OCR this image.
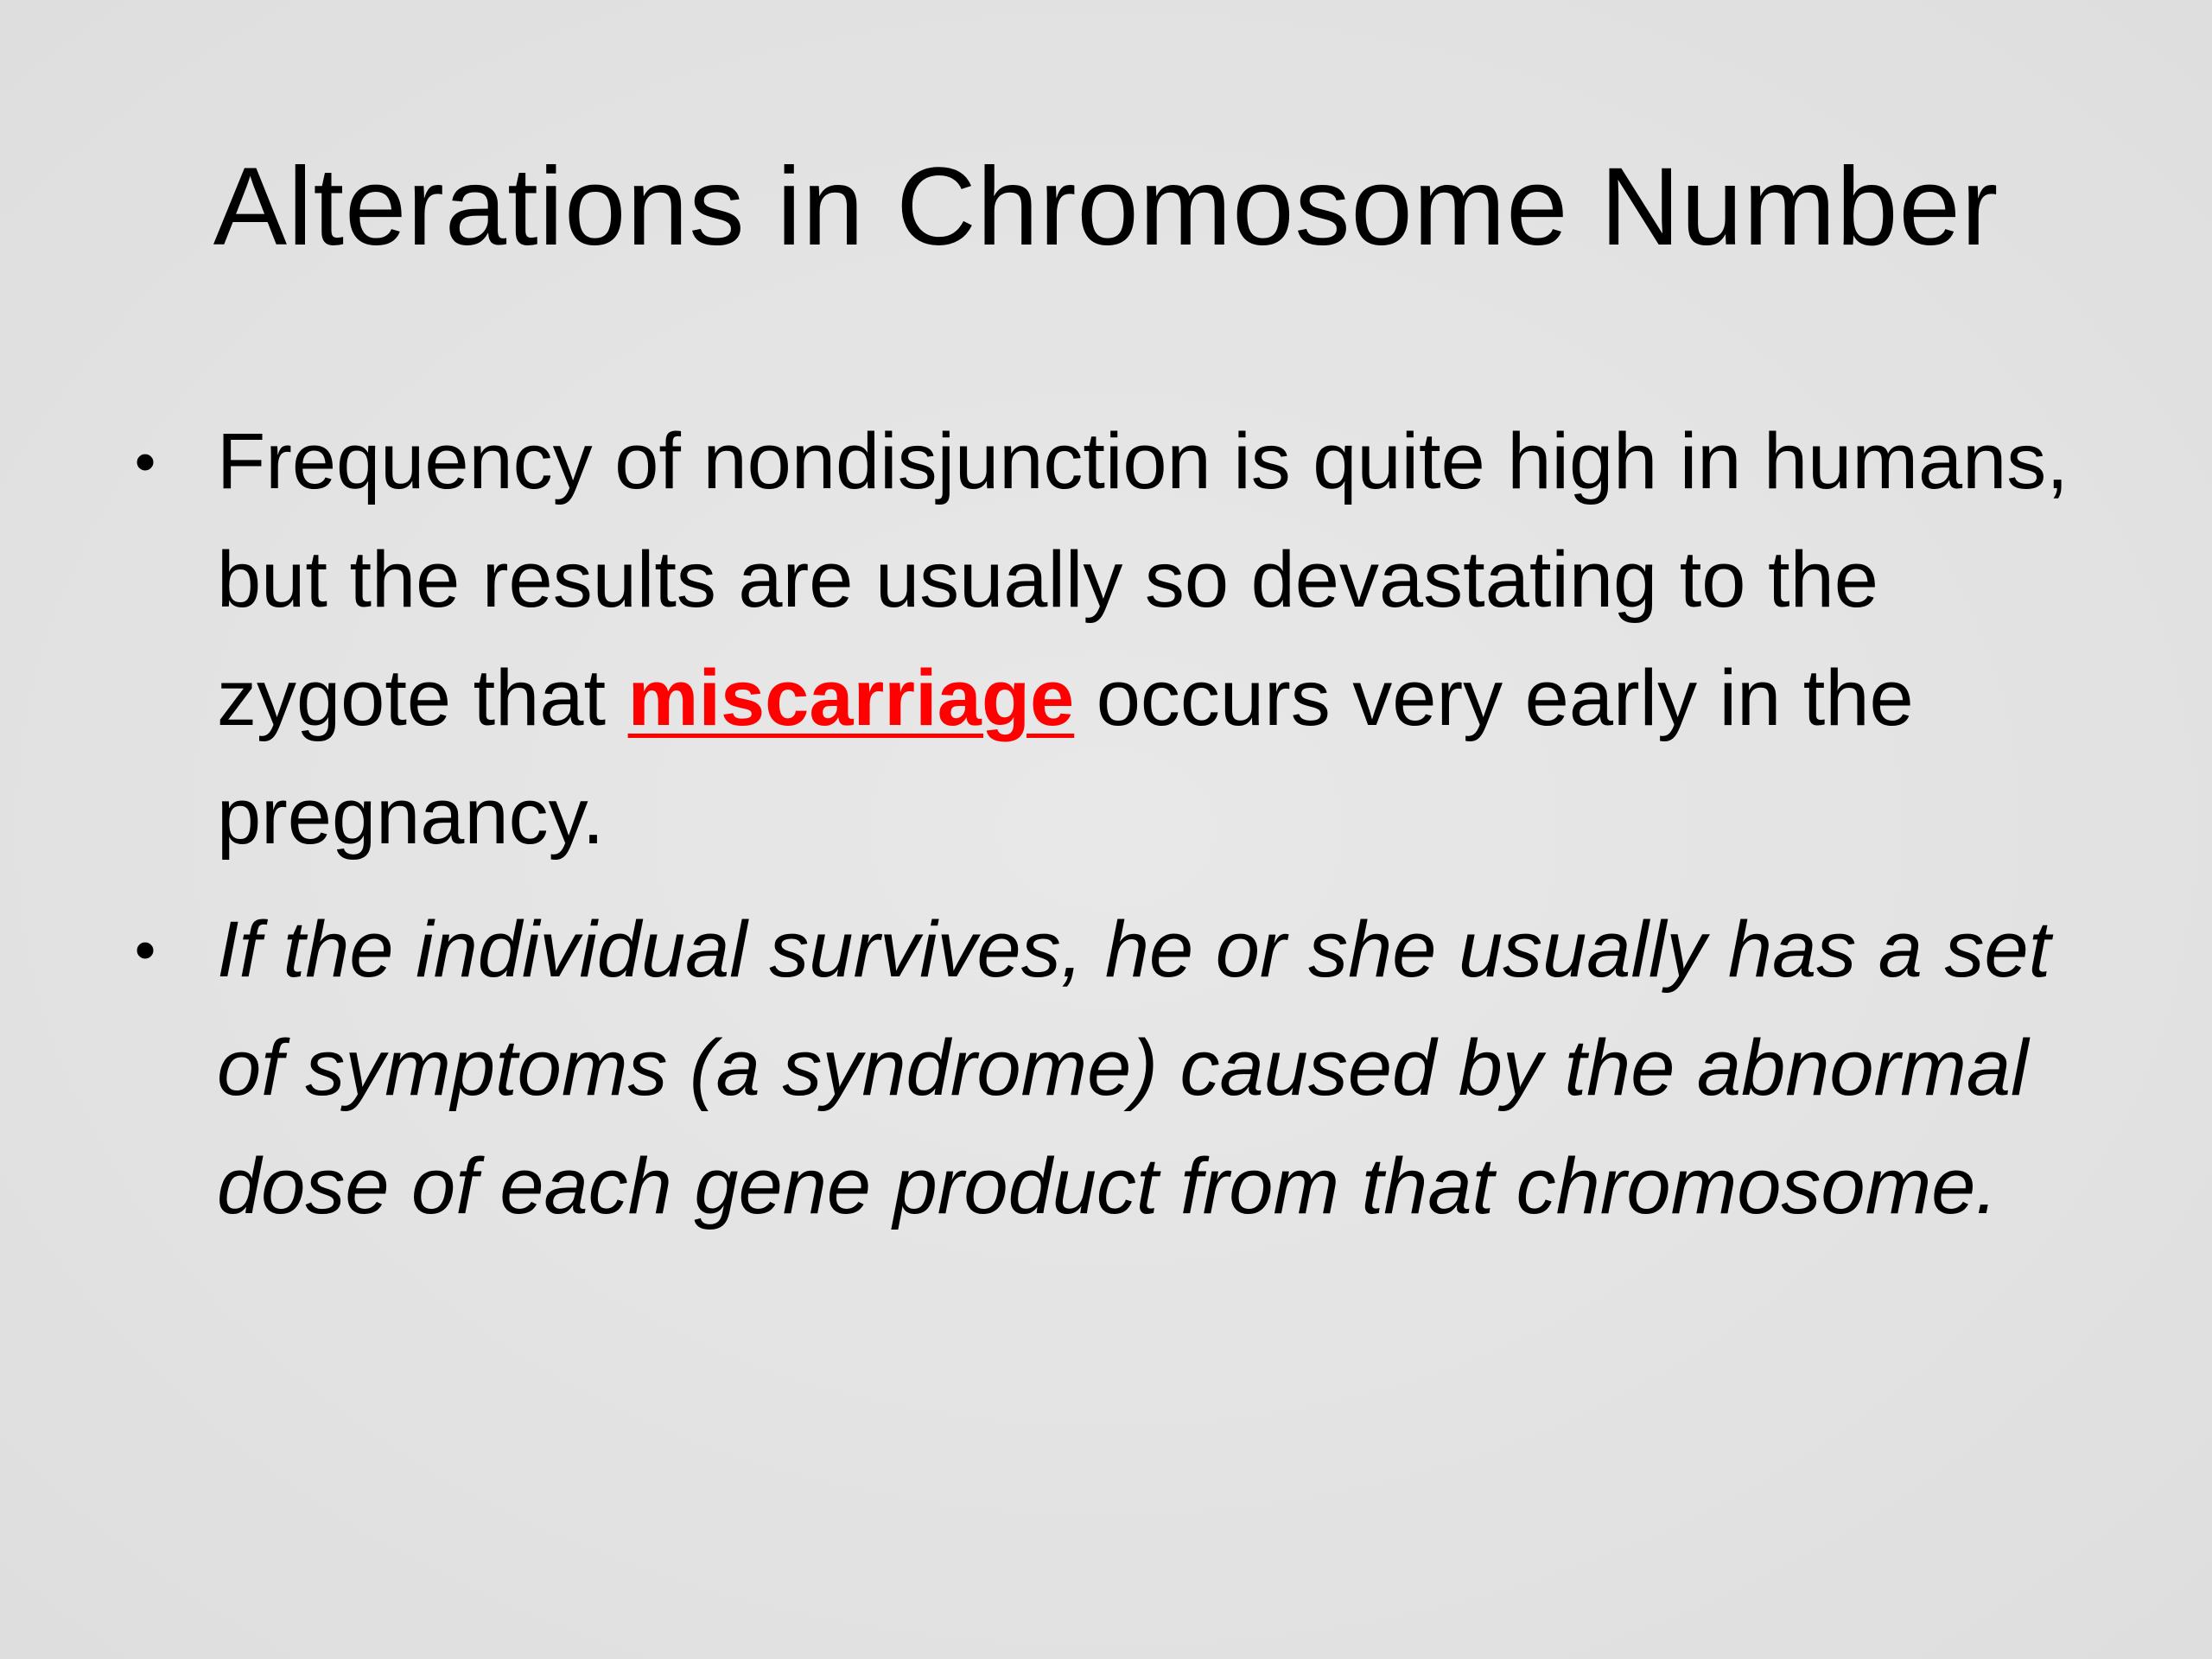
Alterations in Chromosome Number
• Frequency of nondisjunction is quite high in humans, but the results are usually so devastating to the zygote that miscarriage occurs very early in the pregnancy.
• If the individual survives, he or she usually has a set of symptoms (a syndrome) caused by the abnormal dose of each gene product from that chromosome.
